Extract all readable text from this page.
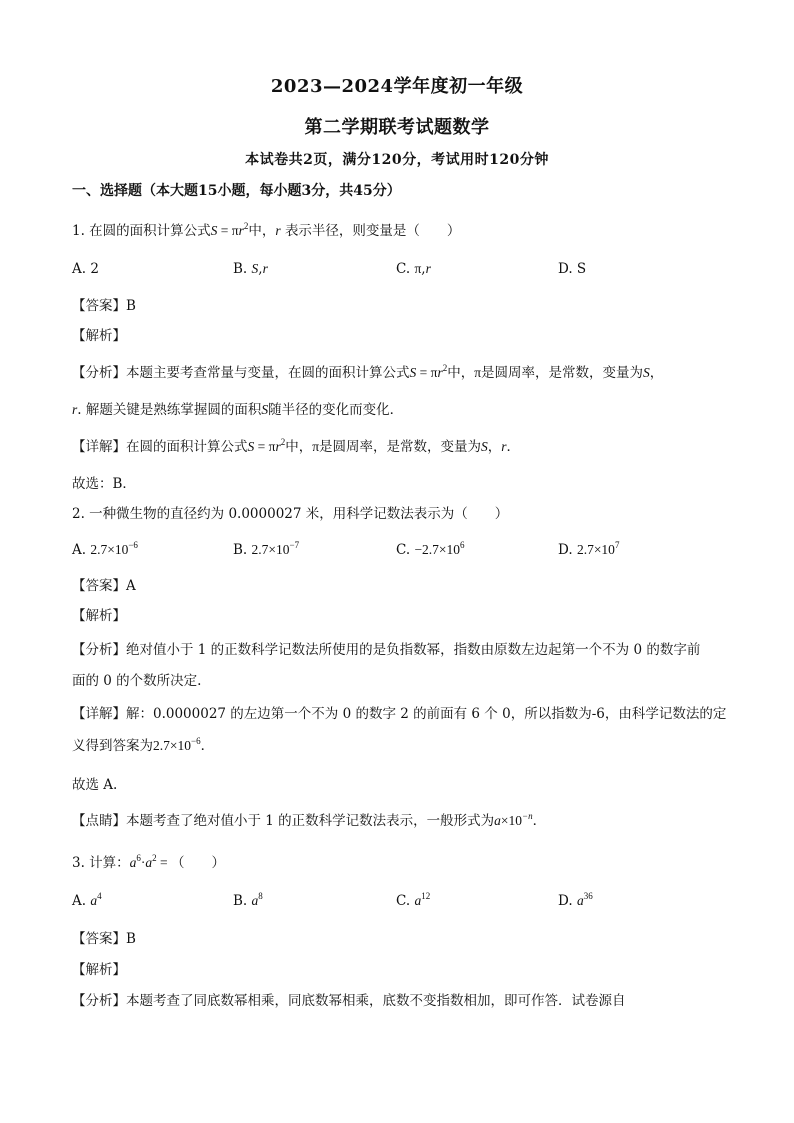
2023—2024学年度初一年级
第二学期联考试题数学
本试卷共2页，满分120分，考试用时120分钟
一、选择题（本大题15小题，每小题3分，共45分）
1. 在圆的面积计算公式$S = \pi r^2$中，r 表示半径，则变量是（　　）
A. 2	B. S,r	C. π,r	D. S
【答案】B
【解析】
【分析】本题主要考查常量与变量，在圆的面积计算公式$S = \pi r^2$中，π是圆周率，是常数，变量为S，
r. 解题关键是熟练掌握圆的面积S随半径的变化而变化．
【详解】在圆的面积计算公式$S = \pi r^2$中，π是圆周率，是常数，变量为S，r．
故选：B．
2. 一种微生物的直径约为 0.0000027 米，用科学记数法表示为（　　）
A. $2.7\times 10^{-6}$	B. $2.7\times 10^{-7}$	C. $-2.7\times 10^6$	D. $2.7\times 10^7$
【答案】A
【解析】
【分析】绝对值小于 1 的正数科学记数法所使用的是负指数幂，指数由原数左边起第一个不为 0 的数字前
面的 0 的个数所决定.
【详解】解：0.0000027 的左边第一个不为 0 的数字 2 的前面有 6 个 0，所以指数为-6，由科学记数法的定
义得到答案为$2.7\times 10^{-6}$．
故选 A.
【点睛】本题考查了绝对值小于 1 的正数科学记数法表示，一般形式为$a\times 10^{-n}$．
3. 计算：$a^6\cdot a^2$ = （　　）
A. $a^4$	B. $a^8$	C. $a^{12}$	D. $a^{36}$
【答案】B
【解析】
【分析】本题考查了同底数幂相乘，同底数幂相乘，底数不变指数相加，即可作答．试卷源自
